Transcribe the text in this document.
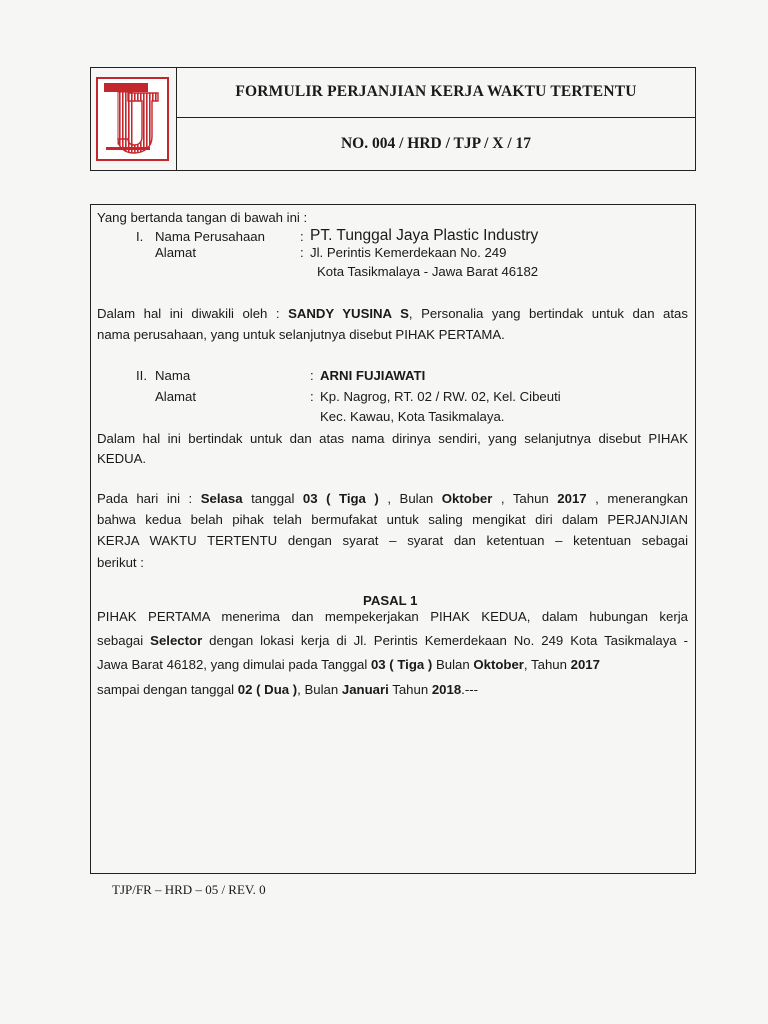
FORMULIR PERJANJIAN KERJA WAKTU TERTENTU
NO. 004 / HRD / TJP / X / 17
Yang bertanda tangan di bawah ini :
I. Nama Perusahaan	: PT. Tunggal Jaya Plastic Industry
Alamat	: Jl. Perintis Kemerdekaan No. 249
Kota Tasikmalaya - Jawa Barat 46182
Dalam hal ini diwakili oleh : SANDY YUSINA S, Personalia yang bertindak untuk dan atas
nama perusahaan, yang untuk selanjutnya disebut PIHAK PERTAMA.
II. Nama	: ARNI FUJIAWATI
Alamat	: Kp. Nagrog, RT. 02 / RW. 02, Kel. Cibeuti
Kec. Kawau, Kota Tasikmalaya.
Dalam hal ini bertindak untuk dan atas nama dirinya sendiri, yang selanjutnya disebut PIHAK
KEDUA.
Pada hari ini : Selasa tanggal 03 ( Tiga ) , Bulan Oktober , Tahun 2017 , menerangkan
bahwa kedua belah pihak telah bermufakat untuk saling mengikat diri dalam PERJANJIAN
KERJA WAKTU TERTENTU dengan syarat – syarat dan ketentuan – ketentuan sebagai
berikut :
PASAL 1
PIHAK PERTAMA menerima dan mempekerjakan PIHAK KEDUA, dalam hubungan kerja
sebagai Selector dengan lokasi kerja di Jl. Perintis Kemerdekaan No. 249 Kota Tasikmalaya -
Jawa Barat 46182, yang dimulai pada Tanggal 03 ( Tiga ) Bulan Oktober, Tahun 2017
sampai dengan tanggal 02 ( Dua ), Bulan Januari Tahun 2018.---
TJP/FR – HRD – 05 / REV. 0
